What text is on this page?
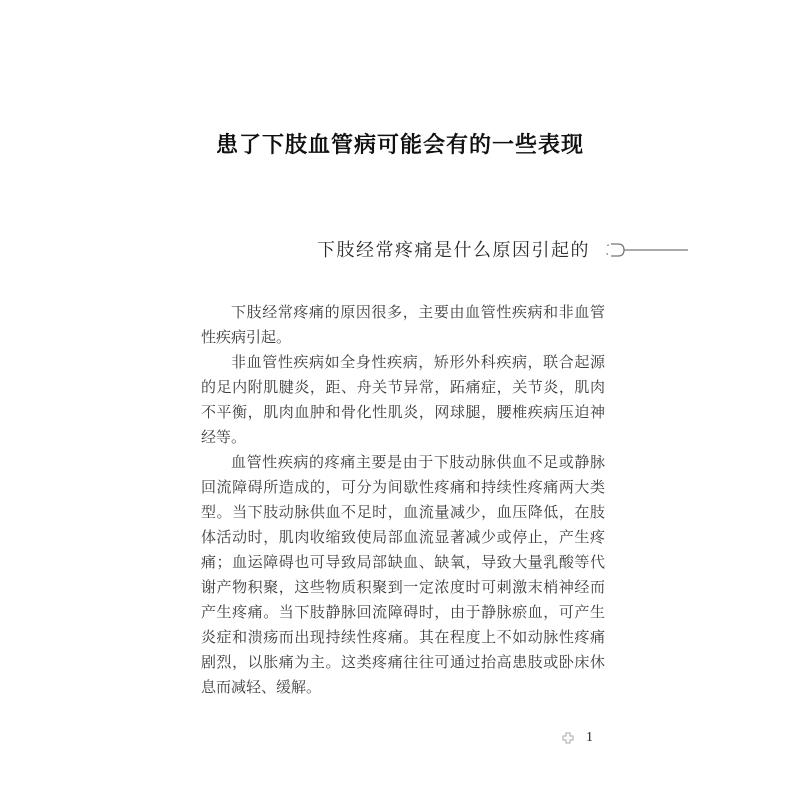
患了下肢血管病可能会有的一些表现
下肢经常疼痛是什么原因引起的

下肢经常疼痛的原因很多，主要由血管性疾病和非血管性疾病引起。

非血管性疾病如全身性疾病，矫形外科疾病，联合起源的足内附肌腱炎，距、舟关节异常，跖痛症，关节炎，肌肉不平衡，肌肉血肿和骨化性肌炎，网球腿，腰椎疾病压迫神经等。

血管性疾病的疼痛主要是由于下肢动脉供血不足或静脉回流障碍所造成的，可分为间歇性疼痛和持续性疼痛两大类型。当下肢动脉供血不足时，血流量减少，血压降低，在肢体活动时，肌肉收缩致使局部血流显著减少或停止，产生疼痛；血运障碍也可导致局部缺血、缺氧，导致大量乳酸等代谢产物积聚，这些物质积聚到一定浓度时可刺激末梢神经而产生疼痛。当下肢静脉回流障碍时，由于静脉瘀血，可产生炎症和溃疡而出现持续性疼痛。其在程度上不如动脉性疼痛剧烈，以胀痛为主。这类疼痛往往可通过抬高患肢或卧床休息而减轻、缓解。

1
